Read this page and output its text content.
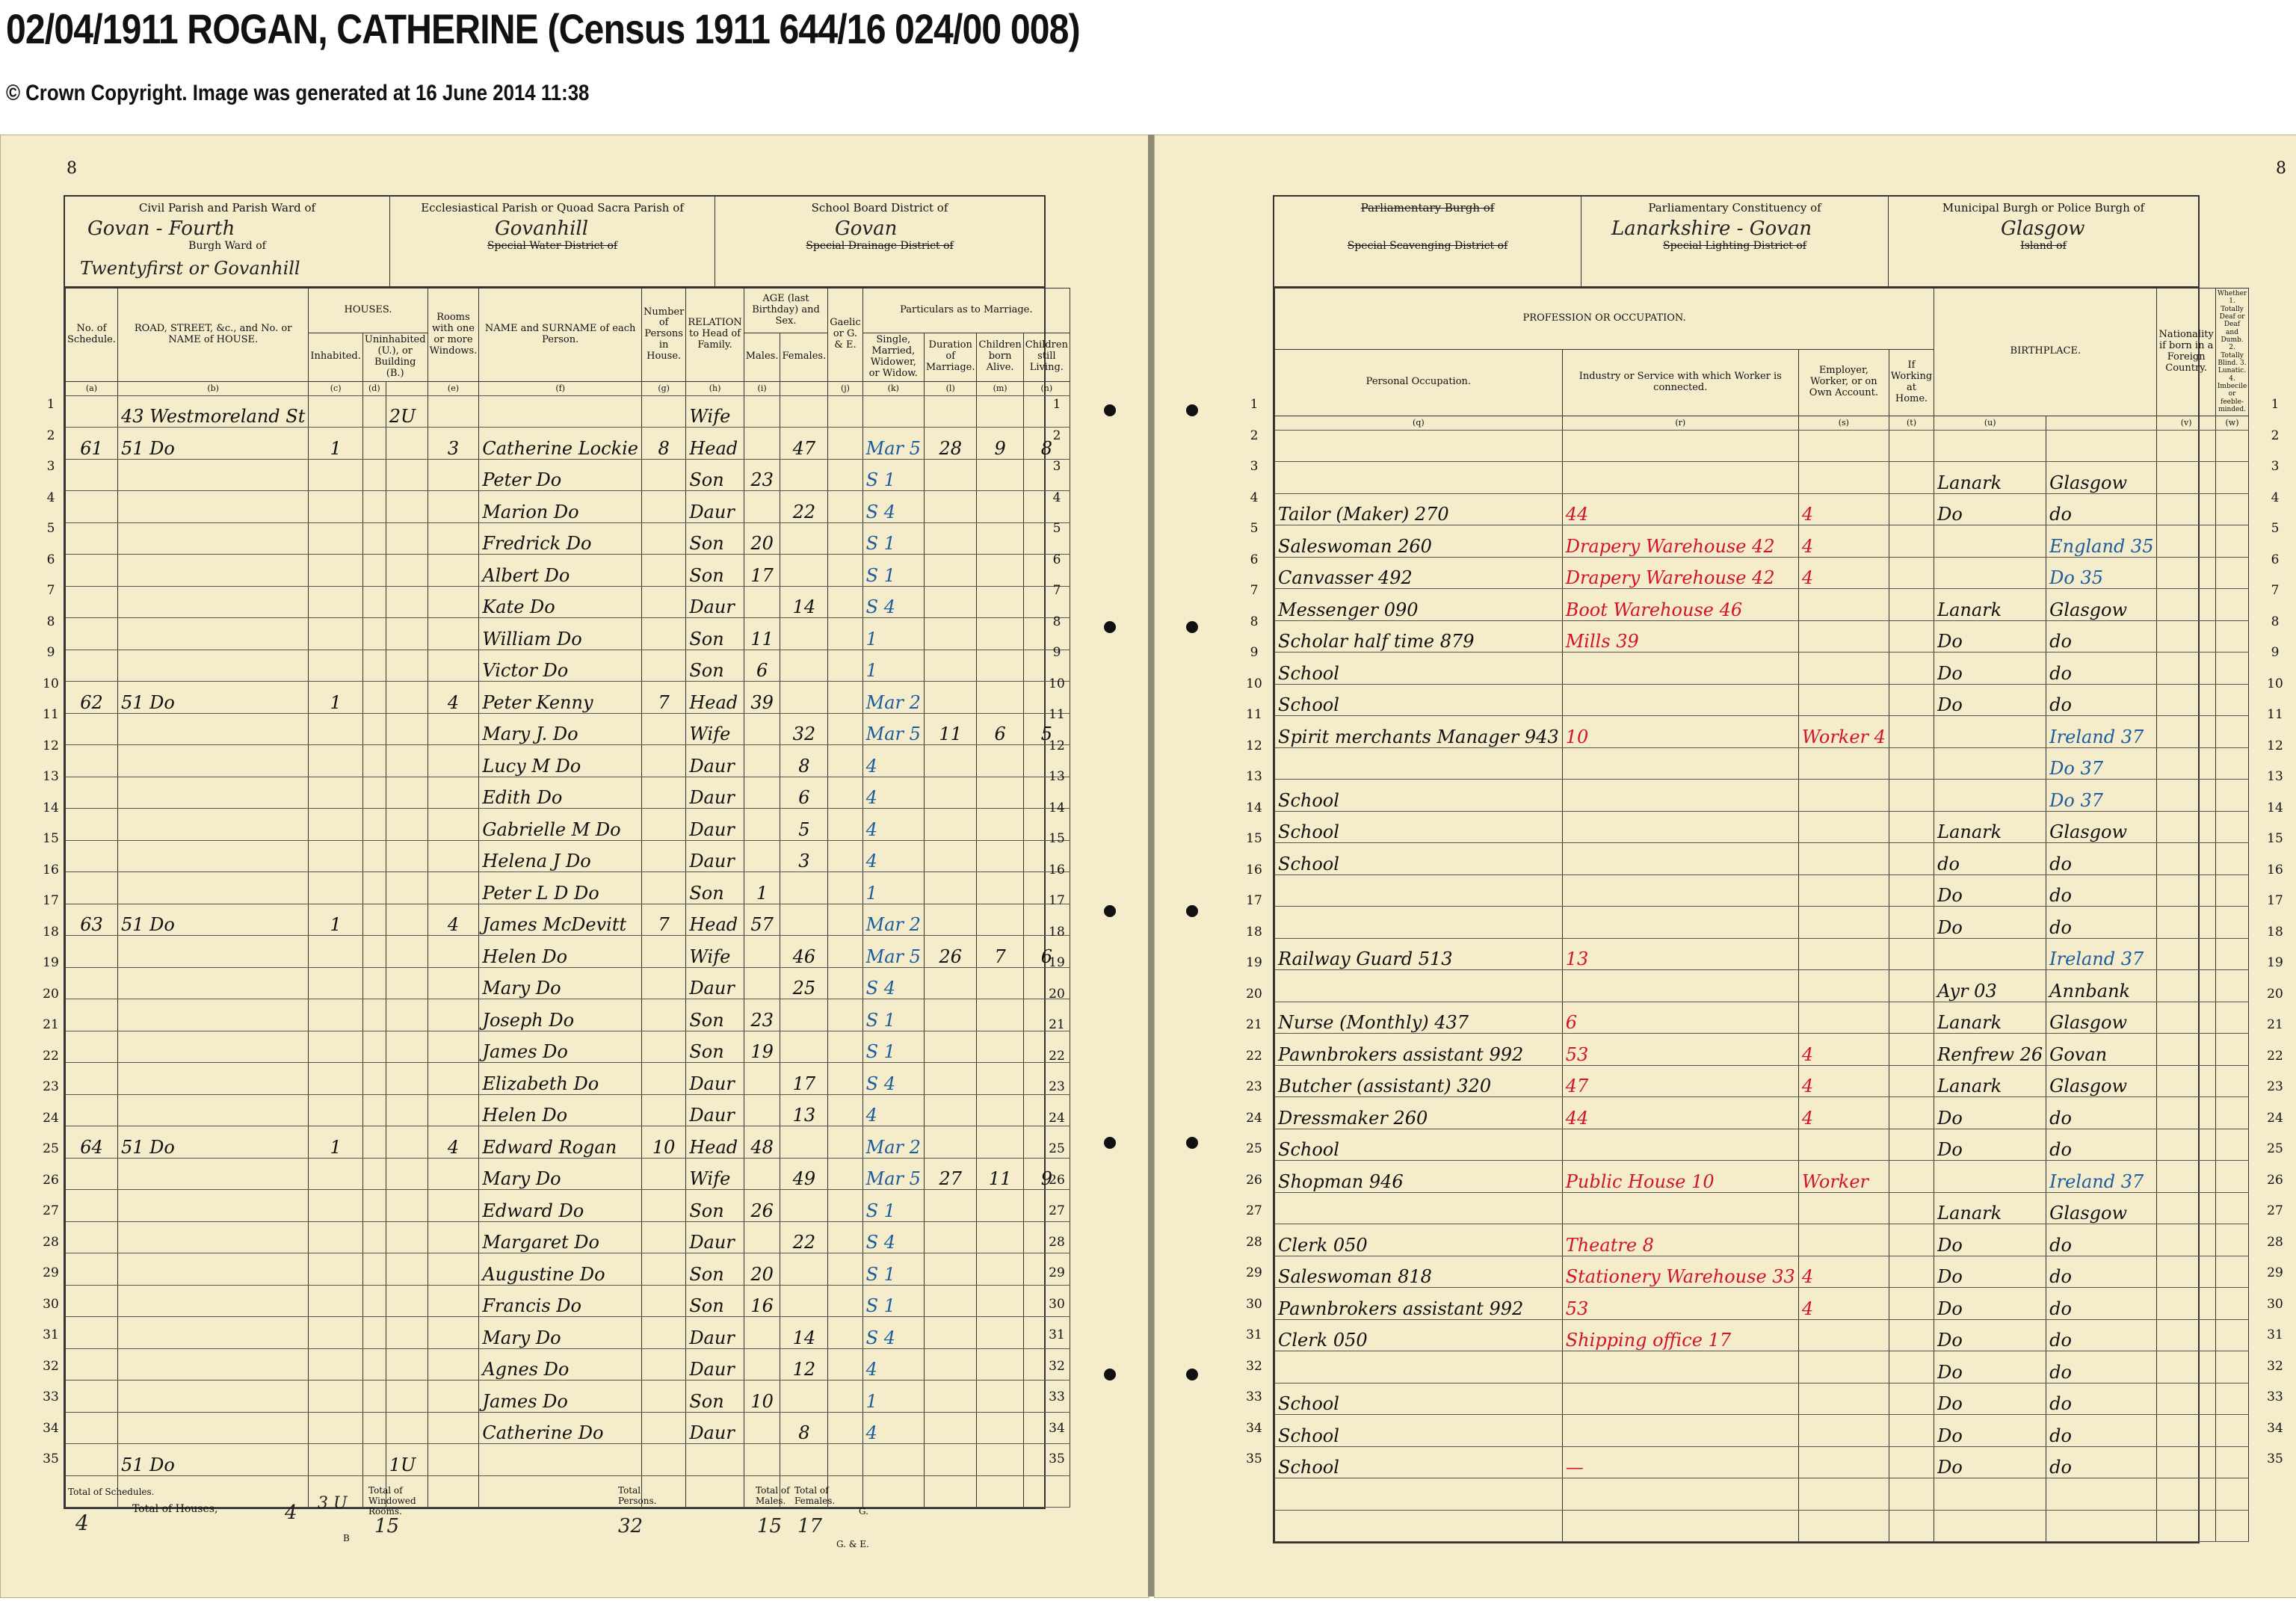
02/04/1911 ROGAN, CATHERINE (Census 1911 644/16 024/00 008)
© Crown Copyright. Image was generated at 16 June 2014 11:38
8
Civil Parish and Parish Ward of
Govan - Fourth
Burgh Ward of
Twentyfirst or Govanhill
Ecclesiastical Parish or Quoad Sacra Parish of
Govanhill
Special Water District of
School Board District of
Govan
Special Drainage District of
No. of Schedule.	ROAD, STREET, &c., and No. or NAME of HOUSE.	HOUSES.			Rooms with one or more Windows.	NAME and SURNAME of each Person.	Number of Persons in House.	RELATION to Head of Family.	AGE (last Birthday) and Sex.		Gaelic or G. & E.	Particulars as to Marriage.			
		Inhabited.	Uninhabited (U.), or Building (B.)						Males.	Females.		Single, Married, Widower, or Widow.	Duration of Marriage.	Children born Alive.	Children still Living.
(a)	(b)	(c)	(d)		(e)	(f)	(g)	(h)	(i)		(j)	(k)	(l)	(m)	(n)
	43 Westmoreland St			2U				Wife							
61	51 Do	1			3	Catherine Lockie	8	Head		47		Mar 5	28	9	8
						Peter Do		Son	23			S 1			
						Marion Do		Daur		22		S 4			
						Fredrick Do		Son	20			S 1			
						Albert Do		Son	17			S 1			
						Kate Do		Daur		14		S 4			
						William Do		Son	11			1			
						Victor Do		Son	6			1			
62	51 Do	1			4	Peter Kenny	7	Head	39			Mar 2			
						Mary J. Do		Wife		32		Mar 5	11	6	5
						Lucy M Do		Daur		8		4			
						Edith Do		Daur		6		4			
						Gabrielle M Do		Daur		5		4			
						Helena J Do		Daur		3		4			
						Peter L D Do		Son	1			1			
63	51 Do	1			4	James McDevitt	7	Head	57			Mar 2			
						Helen Do		Wife		46		Mar 5	26	7	6
						Mary Do		Daur		25		S 4			
						Joseph Do		Son	23			S 1			
						James Do		Son	19			S 1			
						Elizabeth Do		Daur		17		S 4			
						Helen Do		Daur		13		4			
64	51 Do	1			4	Edward Rogan	10	Head	48			Mar 2			
						Mary Do		Wife		49		Mar 5	27	11	9
						Edward Do		Son	26			S 1			
						Margaret Do		Daur		22		S 4			
						Augustine Do		Son	20			S 1			
						Francis Do		Son	16			S 1			
						Mary Do		Daur		14		S 4			
						Agnes Do		Daur		12		4			
						James Do		Son	10			1			
						Catherine Do		Daur		8		4			
	51 Do			1U											

Total of Schedules.
4
Total of Houses,	4 3 U
B
Total of Windowed Rooms.
15
Total Persons.
32
Total of Males.
15
Total of Females.
17
G.
G. & E.
1	1
2	2
3	3
4	4
5	5
6	6
7	7
8	8
9	9
10	10
11	11
12	12
13	13
14	14
15	15
16	16
17	17
18	18
19	19
20	20
21	21
22	22
23	23
24	24
25	25
26	26
27	27
28	28
29	29
30	30
31	31
32	32
33	33
34	34
35	35
8
Parliamentary Burgh of
Special Scavenging District of
Parliamentary Constituency of
Lanarkshire - Govan
Special Lighting District of
Municipal Burgh or Police Burgh of
Glasgow
Island of
PROFESSION OR OCCUPATION.				BIRTHPLACE.		Nationality if born in a Foreign Country.	Whether 1. Totally Deaf or Deaf and Dumb. 2. Totally Blind. 3. Lunatic. 4. Imbecile or feeble-minded.
Personal Occupation.	Industry or Service with which Worker is connected.	Employer, Worker, or on Own Account.	If Working at Home.				
(q)	(r)	(s)	(t)	(u)		(v)	(w)

				Lanark	Glasgow		
Tailor (Maker) 270	44	4		Do	do		
Saleswoman 260	Drapery Warehouse 42	4			England 35		
Canvasser 492	Drapery Warehouse 42	4			Do 35		
Messenger 090	Boot Warehouse 46			Lanark	Glasgow		
Scholar half time 879	Mills 39			Do	do		
School				Do	do		
School				Do	do		
Spirit merchants Manager 943	10	Worker 4			Ireland 37		
					Do 37		
School					Do 37		
School				Lanark	Glasgow		
School				do	do		
				Do	do		
				Do	do		
Railway Guard 513	13				Ireland 37		
				Ayr 03	Annbank		
Nurse (Monthly) 437	6			Lanark	Glasgow		
Pawnbrokers assistant 992	53	4		Renfrew 26	Govan		
Butcher (assistant) 320	47	4		Lanark	Glasgow		
Dressmaker 260	44	4		Do	do		
School				Do	do		
Shopman 946	Public House 10	Worker			Ireland 37		
				Lanark	Glasgow		
Clerk 050	Theatre 8			Do	do		
Saleswoman 818	Stationery Warehouse 33	4		Do	do		
Pawnbrokers assistant 992	53	4		Do	do		
Clerk 050	Shipping office 17			Do	do		
				Do	do		
School				Do	do		
School				Do	do		
School	—			Do	do		

1	1
2	2
3	3
4	4
5	5
6	6
7	7
8	8
9	9
10	10
11	11
12	12
13	13
14	14
15	15
16	16
17	17
18	18
19	19
20	20
21	21
22	22
23	23
24	24
25	25
26	26
27	27
28	28
29	29
30	30
31	31
32	32
33	33
34	34
35	35
